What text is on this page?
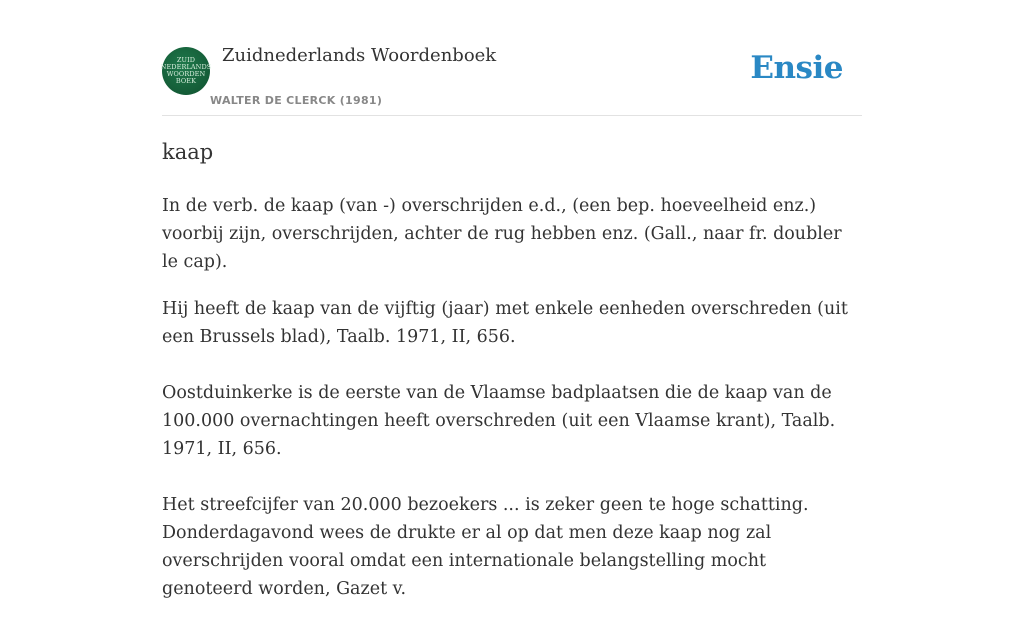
ZUID
NEDERLANDS
WOORDEN
BOEK
Zuidnederlands Woordenboek
WALTER DE CLERCK (1981)
Ensie
kaap

In de verb. de kaap (van -) overschrijden e.d., (een bep. hoeveelheid enz.) voorbij zijn, overschrijden, achter de rug hebben enz. (Gall., naar fr. doubler le cap).

Hij heeft de kaap van de vijftig (jaar) met enkele eenheden overschreden (uit een Brussels blad), Taalb. 1971, II, 656.

Oostduinkerke is de eerste van de Vlaamse badplaatsen die de kaap van de 100.000 overnachtingen heeft overschreden (uit een Vlaamse krant), Taalb. 1971, II, 656.

Het streefcijfer van 20.000 bezoekers ... is zeker geen te hoge schatting. Donderdagavond wees de drukte er al op dat men deze kaap nog zal overschrijden vooral omdat een internationale belangstelling mocht genoteerd worden, Gazet v.
